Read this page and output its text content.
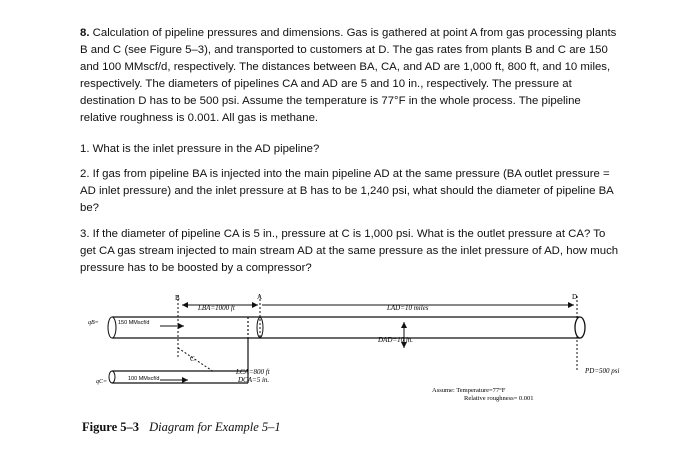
8. Calculation of pipeline pressures and dimensions. Gas is gathered at point A from gas processing plants B and C (see Figure 5–3), and transported to customers at D. The gas rates from plants B and C are 150 and 100 MMscf/d, respectively. The distances between BA, CA, and AD are 1,000 ft, 800 ft, and 10 miles, respectively. The diameters of pipelines CA and AD are 5 and 10 in., respectively. The pressure at destination D has to be 500 psi. Assume the temperature is 77°F in the whole process. The pipeline relative roughness is 0.001. All gas is methane.

1. What is the inlet pressure in the AD pipeline?

2. If gas from pipeline BA is injected into the main pipeline AD at the same pressure (BA outlet pressure = AD inlet pressure) and the inlet pressure at B has to be 1,240 psi, what should the diameter of pipeline BA be?

3. If the diameter of pipeline CA is 5 in., pressure at C is 1,000 psi. What is the outlet pressure at CA? To get CA gas stream injected to main stream AD at the same pressure as the inlet pressure of AD, how much pressure has to be boosted by a compressor?

B	A
C
D
LBA=1000 ft	LAD=10 miles
DAD=10 in.
LCA=800 ft
DCA=5 in.
qB=	150 MMscf/d
qC=	100 MMscf/d
PD=500 psi
Assume: Temperature=77°F
Relative roughness= 0.001
Figure 5–3 Diagram for Example 5–1
